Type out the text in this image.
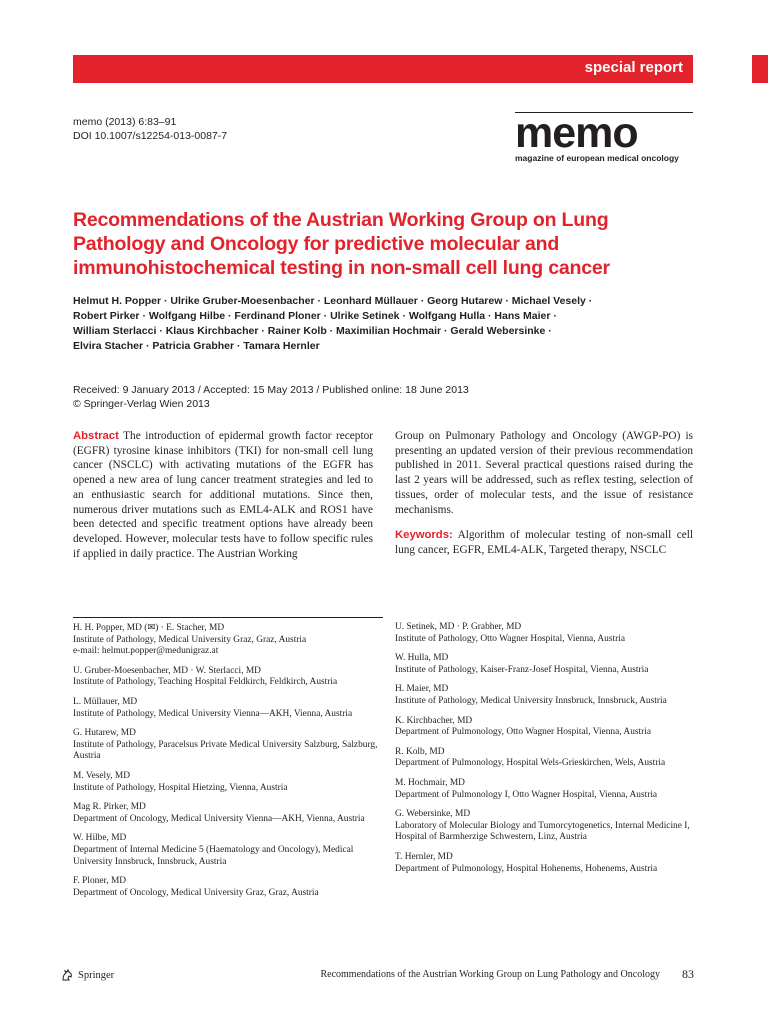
special report
memo (2013) 6:83–91
DOI 10.1007/s12254-013-0087-7	memo
magazine of european medical oncology
Recommendations of the Austrian Working Group on Lung Pathology and Oncology for predictive molecular and immunohistochemical testing in non-small cell lung cancer
Helmut H. Popper · Ulrike Gruber-Moesenbacher · Leonhard Müllauer · Georg Hutarew · Michael Vesely ·
Robert Pirker · Wolfgang Hilbe · Ferdinand Ploner · Ulrike Setinek · Wolfgang Hulla · Hans Maier ·
William Sterlacci · Klaus Kirchbacher · Rainer Kolb · Maximilian Hochmair · Gerald Webersinke ·
Elvira Stacher · Patricia Grabher · Tamara Hernler
Received: 9 January 2013 / Accepted: 15 May 2013 / Published online: 18 June 2013
© Springer-Verlag Wien 2013
Abstract The introduction of epidermal growth factor receptor (EGFR) tyrosine kinase inhibitors (TKI) for non-small cell lung cancer (NSCLC) with activating mutations of the EGFR has opened a new area of lung cancer treatment strategies and led to an enthusiastic search for additional mutations. Since then, numerous driver mutations such as EML4-ALK and ROS1 have been detected and specific treatment options have already been developed. However, molecular tests have to follow specific rules if applied in daily practice. The Austrian Working
Group on Pulmonary Pathology and Oncology (AWGP-PO) is presenting an updated version of their previous recommendation published in 2011. Several practical questions raised during the last 2 years will be addressed, such as reflex testing, selection of tissues, order of molecular tests, and the issue of resistance mechanisms.
Keywords: Algorithm of molecular testing of non-small cell lung cancer, EGFR, EML4-ALK, Targeted therapy, NSCLC
H. H. Popper, MD (✉) · E. Stacher, MD
Institute of Pathology, Medical University Graz, Graz, Austria
e-mail: helmut.popper@medunigraz.at
U. Gruber-Moesenbacher, MD · W. Sterlacci, MD
Institute of Pathology, Teaching Hospital Feldkirch, Feldkirch, Austria
L. Müllauer, MD
Institute of Pathology, Medical University Vienna—AKH, Vienna, Austria
G. Hutarew, MD
Institute of Pathology, Paracelsus Private Medical University Salzburg, Salzburg, Austria
M. Vesely, MD
Institute of Pathology, Hospital Hietzing, Vienna, Austria
Mag R. Pirker, MD
Department of Oncology, Medical University Vienna—AKH, Vienna, Austria
W. Hilbe, MD
Department of Internal Medicine 5 (Haematology and Oncology), Medical University Innsbruck, Innsbruck, Austria
F. Ploner, MD
Department of Oncology, Medical University Graz, Graz, Austria
U. Setinek, MD · P. Grabher, MD
Institute of Pathology, Otto Wagner Hospital, Vienna, Austria
W. Hulla, MD
Institute of Pathology, Kaiser-Franz-Josef Hospital, Vienna, Austria
H. Maier, MD
Institute of Pathology, Medical University Innsbruck, Innsbruck, Austria
K. Kirchbacher, MD
Department of Pulmonology, Otto Wagner Hospital, Vienna, Austria
R. Kolb, MD
Department of Pulmonology, Hospital Wels-Grieskirchen, Wels, Austria
M. Hochmair, MD
Department of Pulmonology I, Otto Wagner Hospital, Vienna, Austria
G. Webersinke, MD
Laboratory of Molecular Biology and Tumorcytogenetics, Internal Medicine I, Hospital of Barmherzige Schwestern, Linz, Austria
T. Hernler, MD
Department of Pulmonology, Hospital Hohenems, Hohenems, Austria
Springer	Recommendations of the Austrian Working Group on Lung Pathology and Oncology 83
